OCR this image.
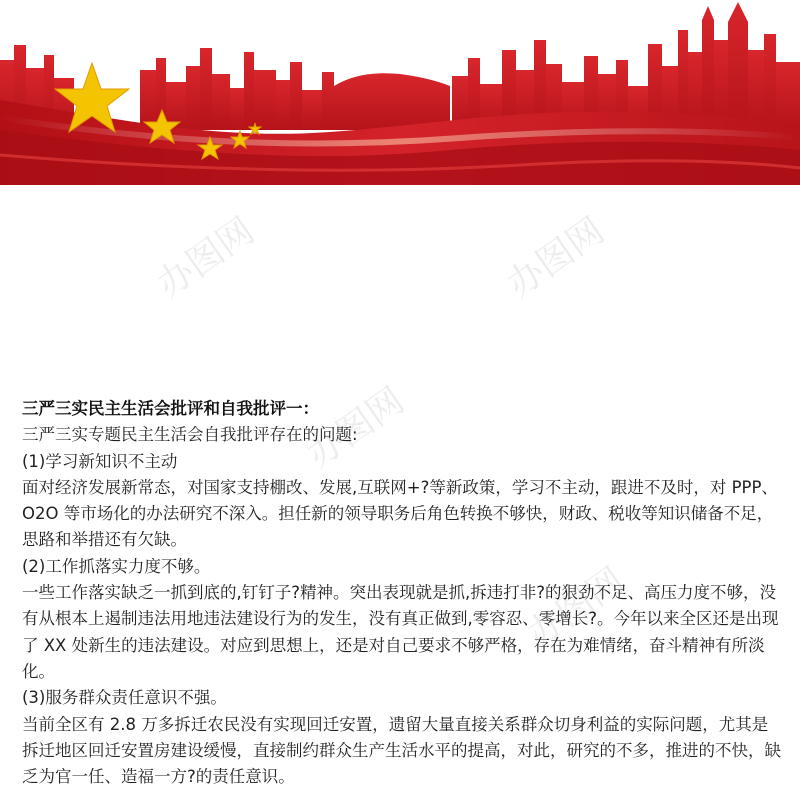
办图网	办图网
办图网
办图网

三严三实民主生活会批评和自我批评一：

三严三实专题民主生活会自我批评存在的问题:

(1)学习新知识不主动

面对经济发展新常态，对国家支持棚改、发展,互联网+?等新政策，学习不主动，跟进不及时，对 PPP、O2O 等市场化的办法研究不深入。担任新的领导职务后角色转换不够快，财政、税收等知识储备不足，思路和举措还有欠缺。

(2)工作抓落实力度不够。

一些工作落实缺乏一抓到底的,钉钉子?精神。突出表现就是抓,拆违打非?的狠劲不足、高压力度不够，没有从根本上遏制违法用地违法建设行为的发生，没有真正做到,零容忍、零增长?。今年以来全区还是出现了 XX 处新生的违法建设。对应到思想上，还是对自己要求不够严格，存在为难情绪，奋斗精神有所淡化。

(3)服务群众责任意识不强。

当前全区有 2.8 万多拆迁农民没有实现回迁安置，遗留大量直接关系群众切身利益的实际问题，尤其是拆迁地区回迁安置房建设缓慢，直接制约群众生产生活水平的提高，对此，研究的不多，推进的不快，缺乏为官一任、造福一方?的责任意识。
